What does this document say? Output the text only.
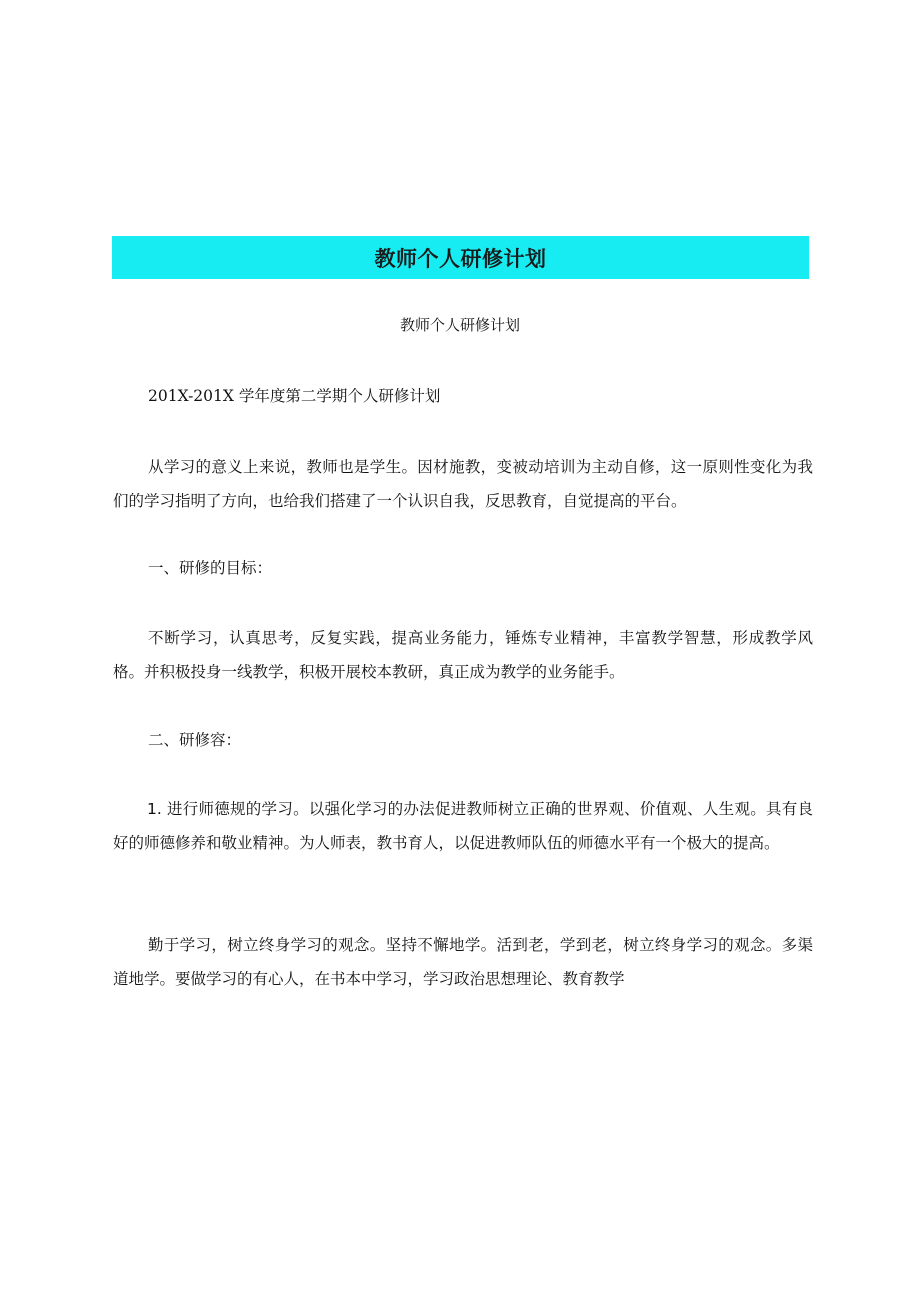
教师个人研修计划
教师个人研修计划
201X-201X 学年度第二学期个人研修计划
从学习的意义上来说，教师也是学生。因材施教，变被动培训为主动自修，这一原则性变化为我们的学习指明了方向，也给我们搭建了一个认识自我，反思教育，自觉提高的平台。
一、研修的目标：
不断学习，认真思考，反复实践，提高业务能力，锤炼专业精神，丰富教学智慧，形成教学风格。并积极投身一线教学，积极开展校本教研，真正成为教学的业务能手。
二、研修容：
1. 进行师德规的学习。以强化学习的办法促进教师树立正确的世界观、价值观、人生观。具有良好的师德修养和敬业精神。为人师表，教书育人，以促进教师队伍的师德水平有一个极大的提高。
勤于学习，树立终身学习的观念。坚持不懈地学。活到老，学到老，树立终身学习的观念。多渠道地学。要做学习的有心人，在书本中学习，学习政治思想理论、教育教学
